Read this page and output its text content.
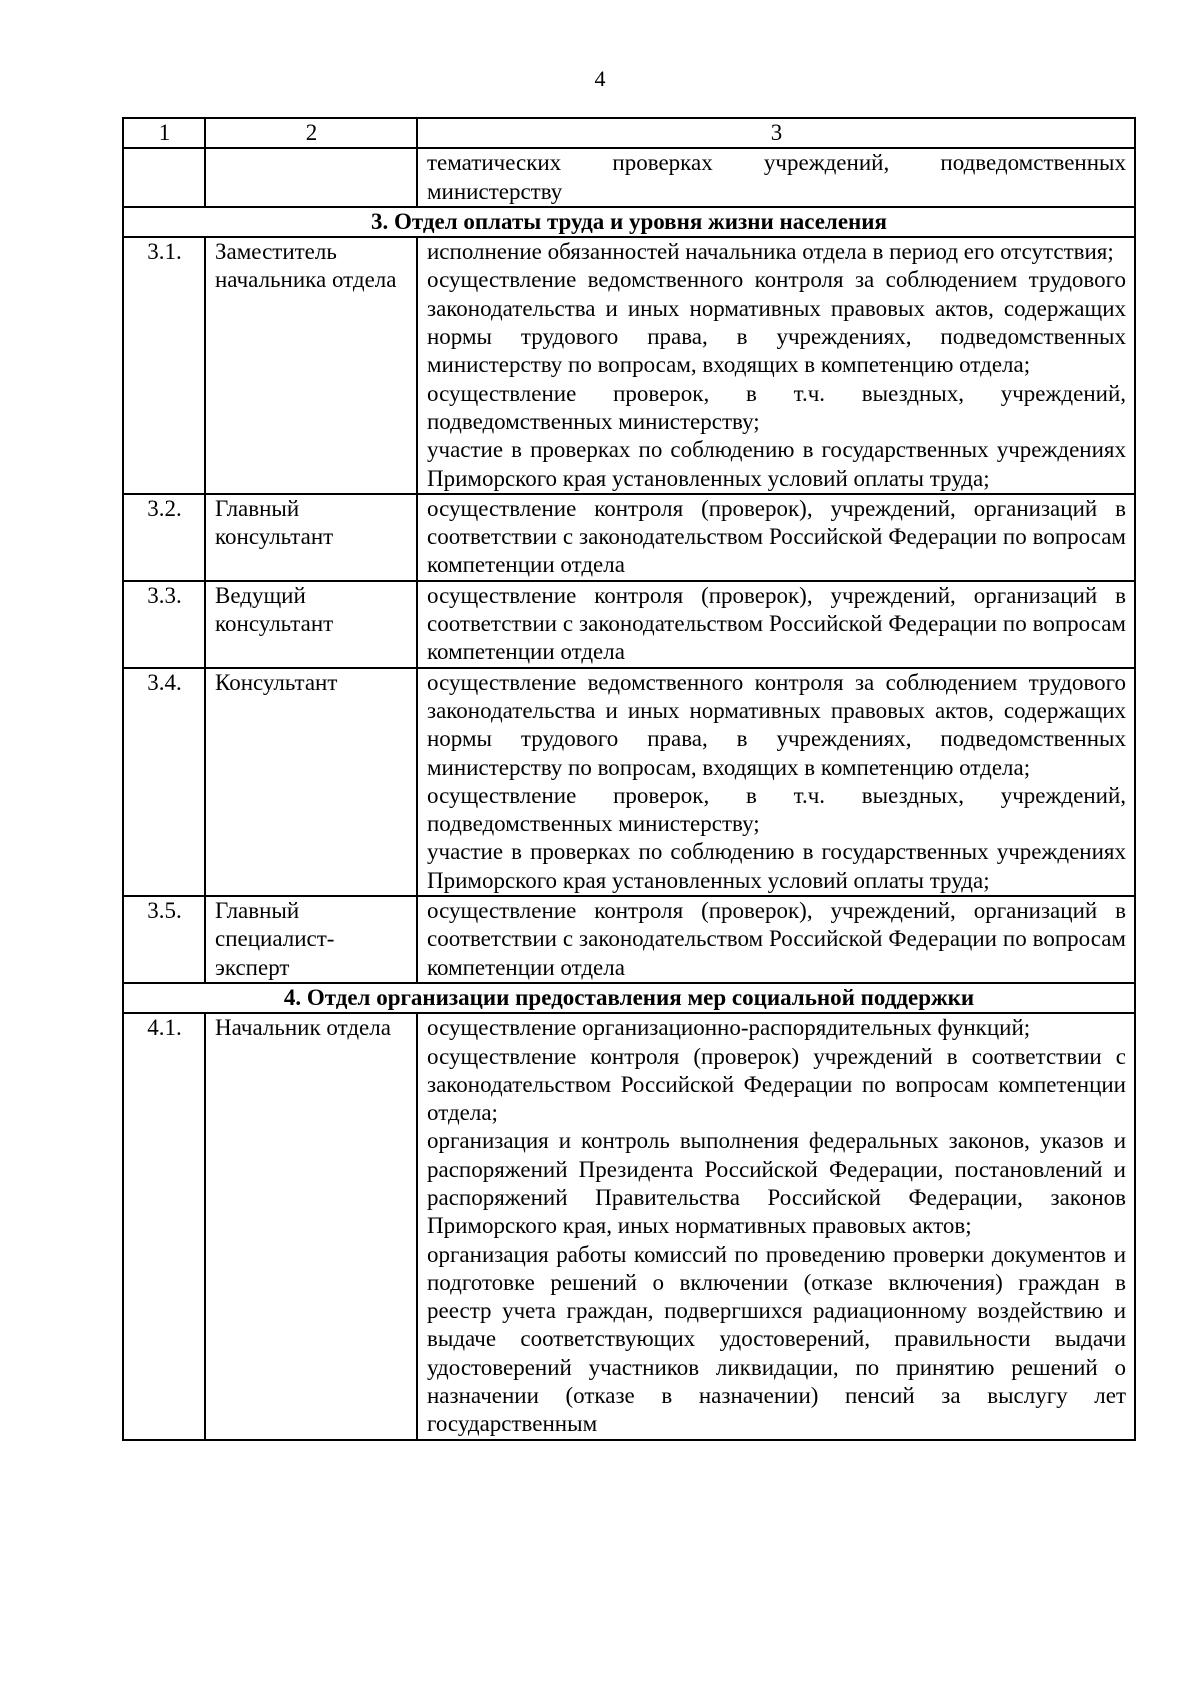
4
1	2	3

		тематических проверках учреждений, подведомственных министерству

3. Отдел оплаты труда и уровня жизни населения		
3.1.	Заместитель начальника отдела	исполнение обязанностей начальника отдела в период его отсутствия;
осуществление ведомственного контроля за соблюдением трудового законодательства и иных нормативных правовых актов, содержащих нормы трудового права, в учреждениях, подведомственных министерству по вопросам, входящих в компетенцию отдела;
осуществление проверок, в т.ч. выездных, учреждений, подведомственных министерству;
участие в проверках по соблюдению в государственных учреждениях Приморского края установленных условий оплаты труда;

3.2.	Главный консультант	осуществление контроля (проверок), учреждений, организаций в соответствии с законодательством Российской Федерации по вопросам компетенции отдела

3.3.	Ведущий консультант	осуществление контроля (проверок), учреждений, организаций в соответствии с законодательством Российской Федерации по вопросам компетенции отдела

3.4.	Консультант	осуществление ведомственного контроля за соблюдением трудового законодательства и иных нормативных правовых актов, содержащих нормы трудового права, в учреждениях, подведомственных министерству по вопросам, входящих в компетенцию отдела;
осуществление проверок, в т.ч. выездных, учреждений, подведомственных министерству;
участие в проверках по соблюдению в государственных учреждениях Приморского края установленных условий оплаты труда;

3.5.	Главный специалист-эксперт	осуществление контроля (проверок), учреждений, организаций в соответствии с законодательством Российской Федерации по вопросам компетенции отдела

4. Отдел организации предоставления мер социальной поддержки		
4.1.	Начальник отдела	осуществление организационно-распорядительных функций;
осуществление контроля (проверок) учреждений в соответствии с законодательством Российской Федерации по вопросам компетенции отдела;
организация и контроль выполнения федеральных законов, указов и распоряжений Президента Российской Федерации, постановлений и распоряжений Правительства Российской Федерации, законов Приморского края, иных нормативных правовых актов;
организация работы комиссий по проведению проверки документов и подготовке решений о включении (отказе включения) граждан в реестр учета граждан, подвергшихся радиационному воздействию и выдаче соответствующих удостоверений, правильности выдачи удостоверений участников ликвидации, по принятию решений о назначении (отказе в назначении) пенсий за выслугу лет государственным
